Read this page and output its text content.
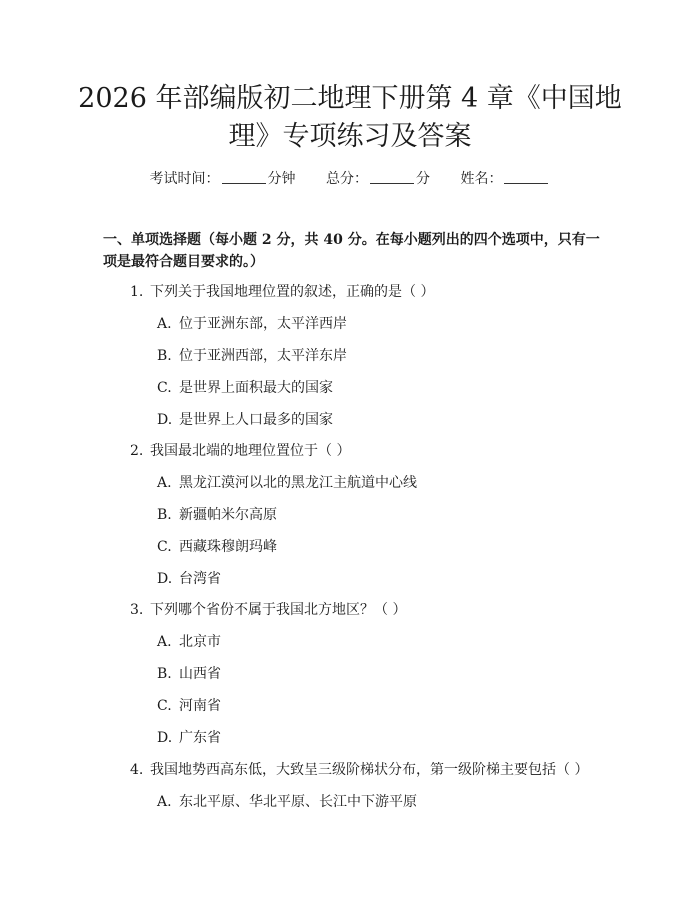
2026 年部编版初二地理下册第 4 章《中国地
理》专项练习及答案
考试时间：	分钟 总分：	分 姓名：

一、单项选择题（每小题 2 分，共 40 分。在每小题列出的四个选项中，只有一项是最符合题目要求的。）

1. 下列关于我国地理位置的叙述，正确的是（ ）
A. 位于亚洲东部，太平洋西岸
B. 位于亚洲西部，太平洋东岸
C. 是世界上面积最大的国家
D. 是世界上人口最多的国家
2. 我国最北端的地理位置位于（ ）
A. 黑龙江漠河以北的黑龙江主航道中心线
B. 新疆帕米尔高原
C. 西藏珠穆朗玛峰
D. 台湾省
3. 下列哪个省份不属于我国北方地区？（ ）
A. 北京市
B. 山西省
C. 河南省
D. 广东省
4. 我国地势西高东低，大致呈三级阶梯状分布，第一级阶梯主要包括（ ）
A. 东北平原、华北平原、长江中下游平原
